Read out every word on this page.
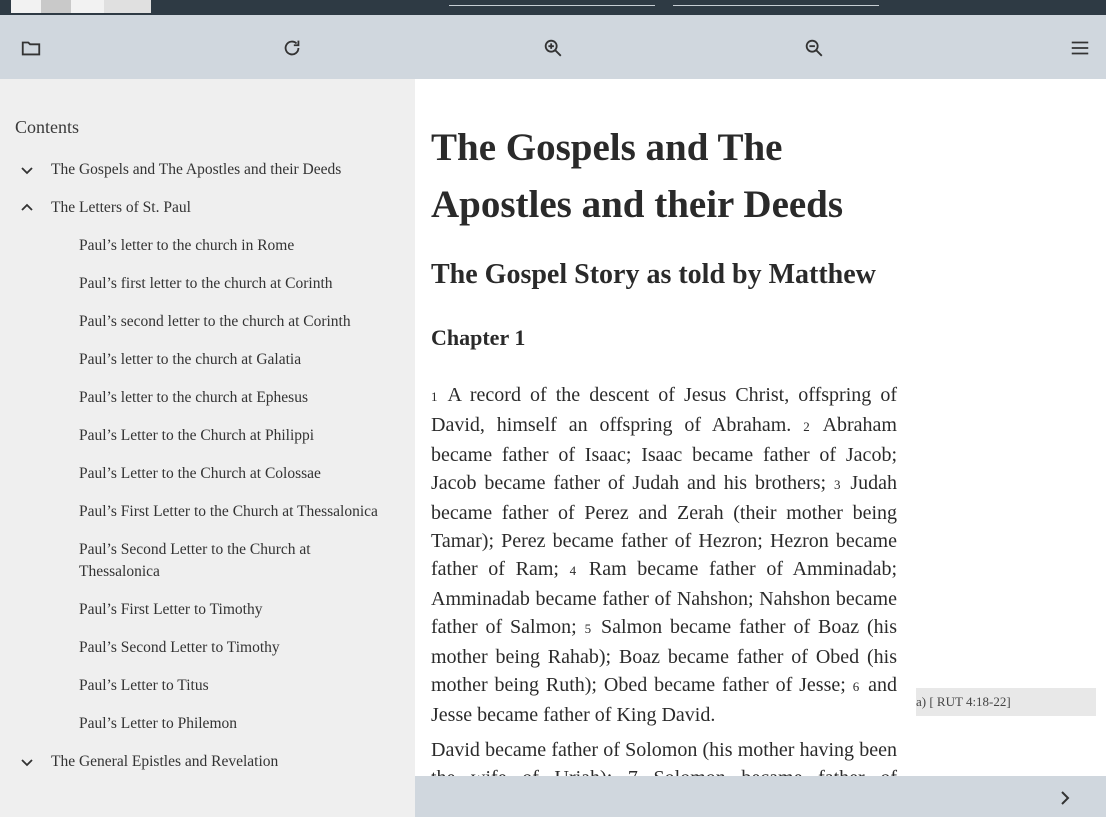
Contents
The Gospels and The Apostles and their Deeds
The Letters of St. Paul
Paul’s letter to the church in Rome
Paul’s first letter to the church at Corinth
Paul’s second letter to the church at Corinth
Paul’s letter to the church at Galatia
Paul’s letter to the church at Ephesus
Paul’s Letter to the Church at Philippi
Paul’s Letter to the Church at Colossae
Paul’s First Letter to the Church at Thessalonica
Paul’s Second Letter to the Church at Thessalonica
Paul’s First Letter to Timothy
Paul’s Second Letter to Timothy
Paul’s Letter to Titus
Paul’s Letter to Philemon
The General Epistles and Revelation
The Gospels and The Apostles and their Deeds
The Gospel Story as told by Matthew
Chapter 1

1 A record of the descent of Jesus Christ, offspring of David, himself an offspring of Abraham. 2 Abraham became father of Isaac; Isaac became father of Jacob; Jacob became father of Judah and his brothers; 3 Judah became father of Perez and Zerah (their mother being Tamar); Perez became father of Hezron; Hezron became father of Ram; 4 Ram became father of Amminadab; Amminadab became father of Nahshon; Nahshon became father of Salmon; 5 Salmon became father of Boaz (his mother being Rahab); Boaz became father of Obed (his mother being Ruth); Obed became father of Jesse; 6 and Jesse became father of King David.

David became father of Solomon (his mother having been

a) [ RUT 4:18-22]
